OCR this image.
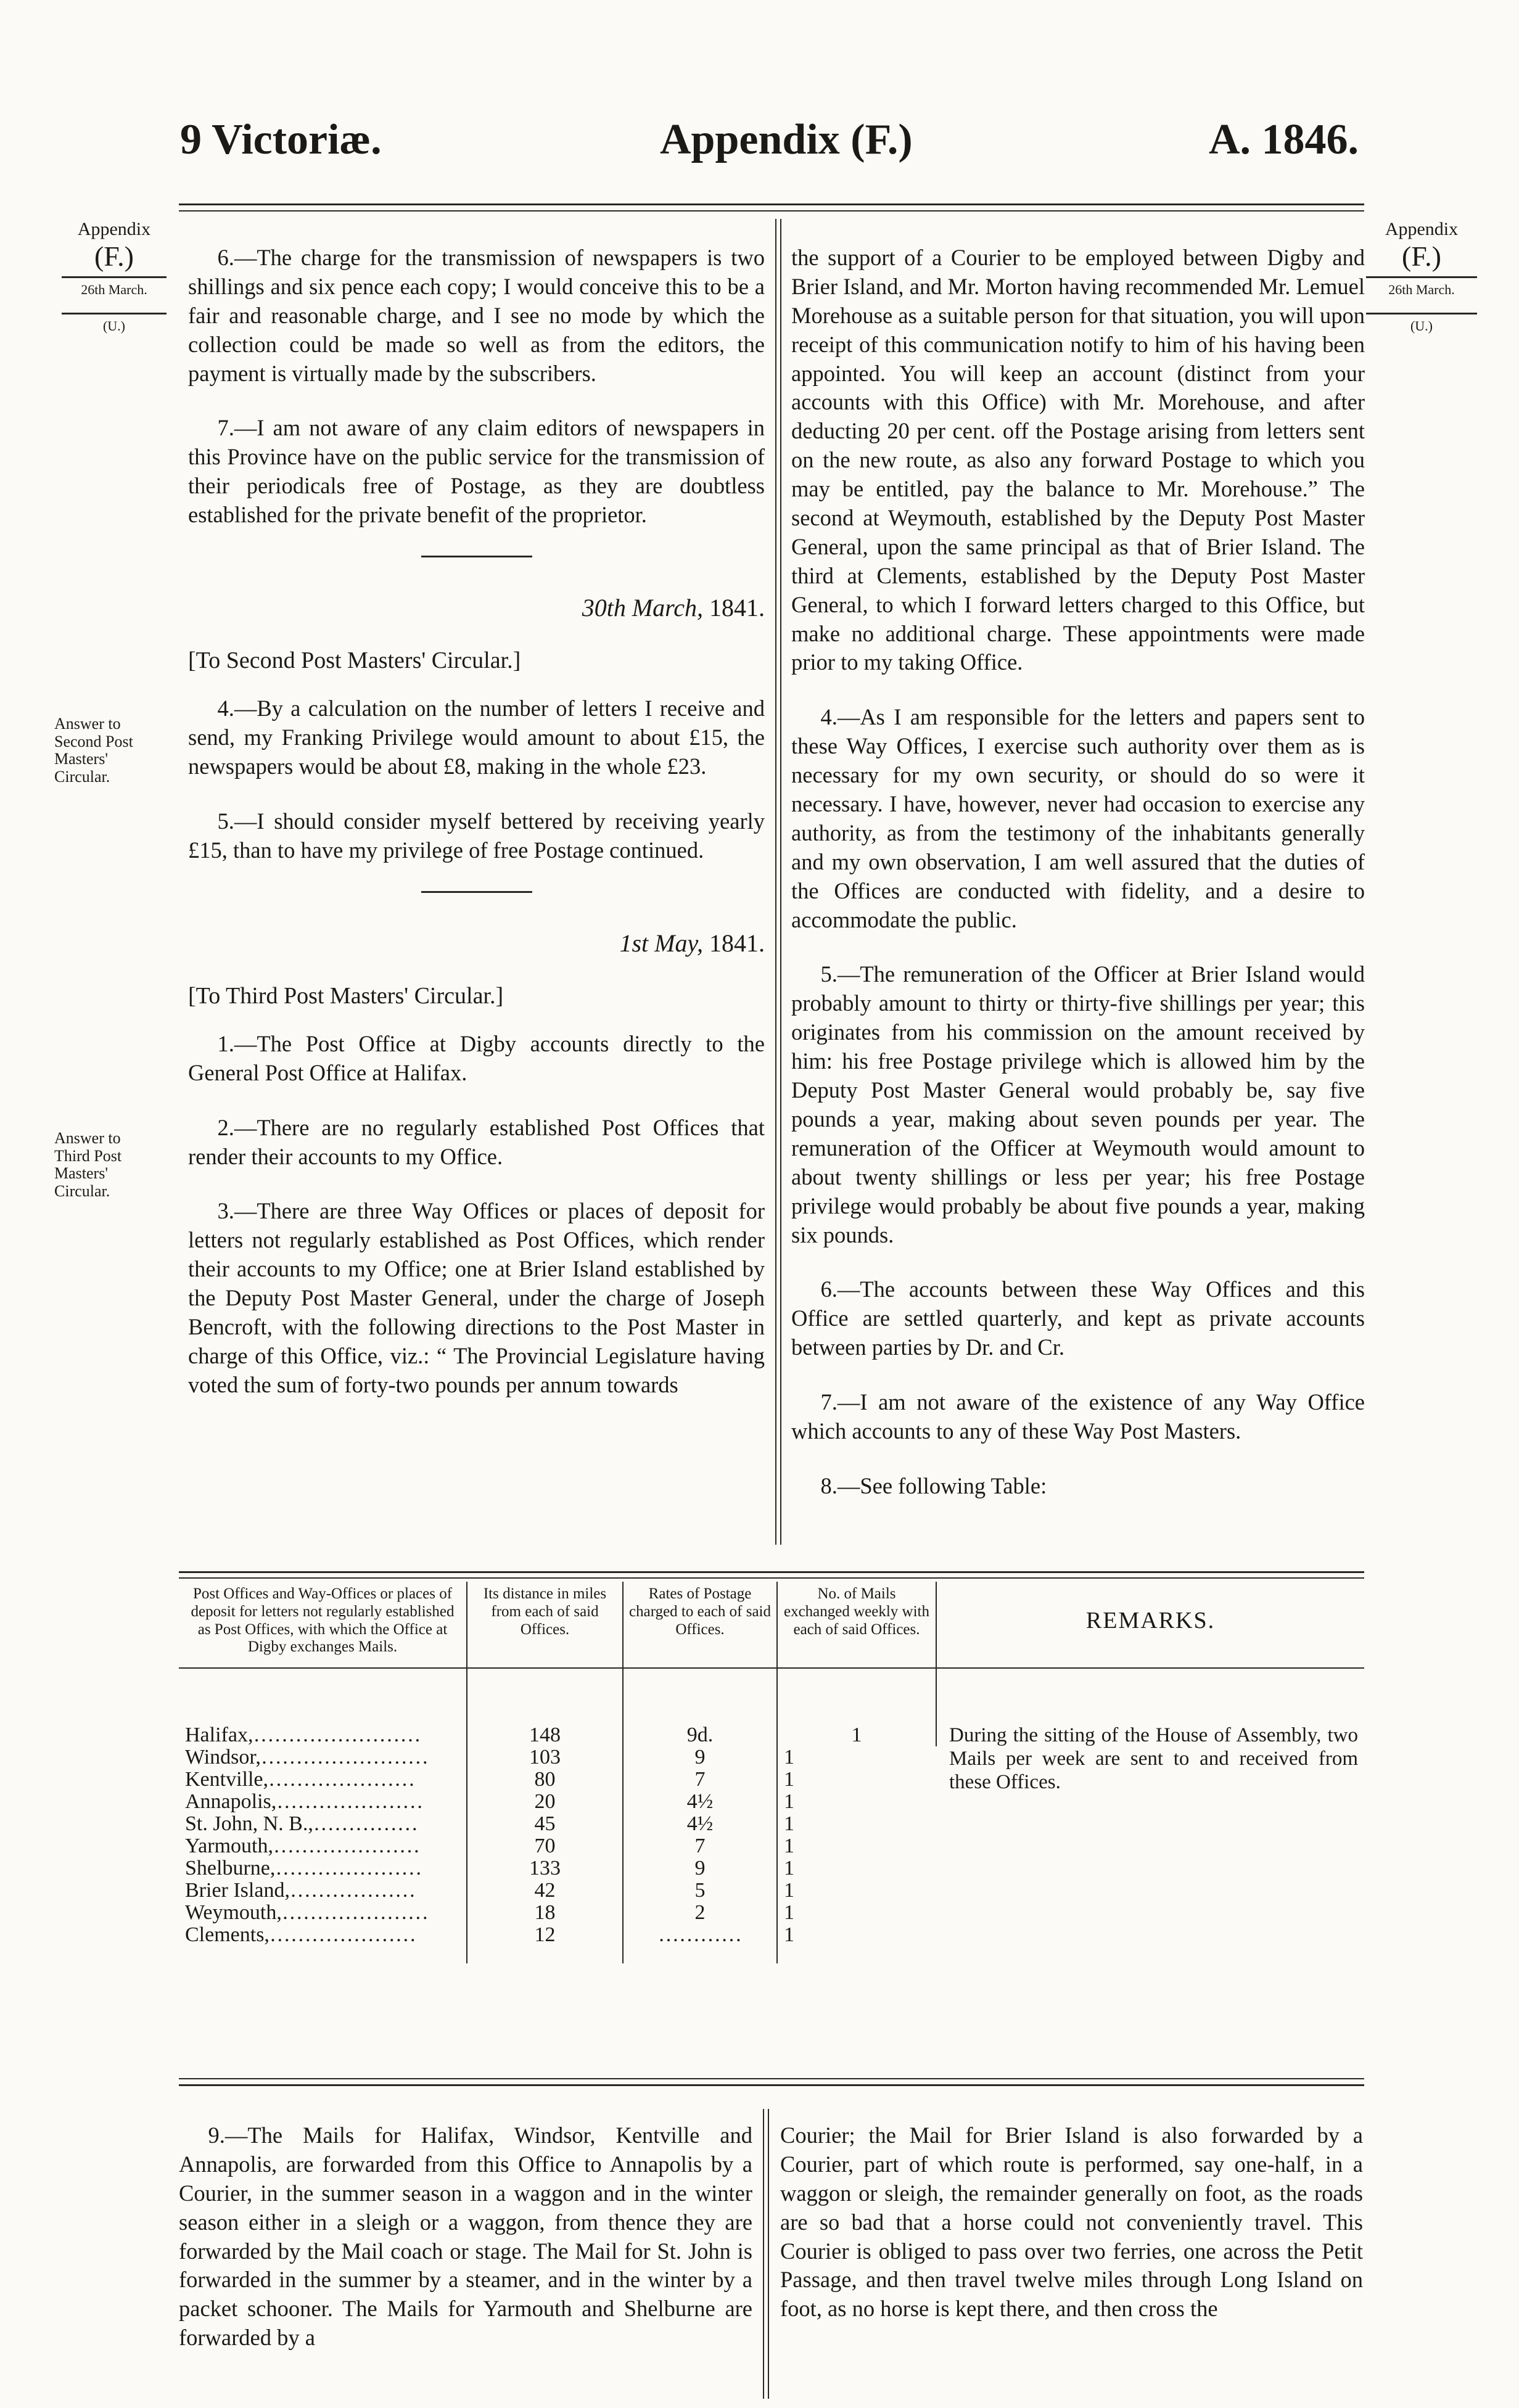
9 Victoriæ.	Appendix (F.)	A. 1846.
Appendix
(F.)
26th March.
(U.)
Appendix
(F.)
26th March.
(U.)
Answer to Second Post Masters' Circular.
Answer to Third Post Masters' Circular.

6.—The charge for the transmission of newspapers is two shillings and six pence each copy; I would conceive this to be a fair and reasonable charge, and I see no mode by which the collection could be made so well as from the editors, the payment is virtually made by the subscribers.

7.—I am not aware of any claim editors of newspapers in this Province have on the public service for the transmission of their periodicals free of Postage, as they are doubtless established for the private benefit of the proprietor.

30th March, 1841.

[To Second Post Masters' Circular.]

4.—By a calculation on the number of letters I receive and send, my Franking Privilege would amount to about £15, the newspapers would be about £8, making in the whole £23.

5.—I should consider myself bettered by receiving yearly £15, than to have my privilege of free Postage continued.

1st May, 1841.

[To Third Post Masters' Circular.]

1.—The Post Office at Digby accounts directly to the General Post Office at Halifax.

2.—There are no regularly established Post Offices that render their accounts to my Office.

3.—There are three Way Offices or places of deposit for letters not regularly established as Post Offices, which render their accounts to my Office; one at Brier Island established by the Deputy Post Master General, under the charge of Joseph Bencroft, with the following directions to the Post Master in charge of this Office, viz.: “ The Provincial Legislature having voted the sum of forty-two pounds per annum towards

the support of a Courier to be employed between Digby and Brier Island, and Mr. Morton having recommended Mr. Lemuel Morehouse as a suitable person for that situation, you will upon receipt of this communication notify to him of his having been appointed. You will keep an account (distinct from your accounts with this Office) with Mr. Morehouse, and after deducting 20 per cent. off the Postage arising from letters sent on the new route, as also any forward Postage to which you may be entitled, pay the balance to Mr. Morehouse.” The second at Weymouth, established by the Deputy Post Master General, upon the same principal as that of Brier Island. The third at Clements, established by the Deputy Post Master General, to which I forward letters charged to this Office, but make no additional charge. These appointments were made prior to my taking Office.

4.—As I am responsible for the letters and papers sent to these Way Offices, I exercise such authority over them as is necessary for my own security, or should do so were it necessary. I have, however, never had occasion to exercise any authority, as from the testimony of the inhabitants generally and my own observation, I am well assured that the duties of the Offices are conducted with fidelity, and a desire to accommodate the public.

5.—The remuneration of the Officer at Brier Island would probably amount to thirty or thirty-five shillings per year; this originates from his commission on the amount received by him: his free Postage privilege which is allowed him by the Deputy Post Master General would probably be, say five pounds a year, making about seven pounds per year. The remuneration of the Officer at Weymouth would amount to about twenty shillings or less per year; his free Postage privilege would probably be about five pounds a year, making six pounds.

6.—The accounts between these Way Offices and this Office are settled quarterly, and kept as private accounts between parties by Dr. and Cr.

7.—I am not aware of the existence of any Way Office which accounts to any of these Way Post Masters.

8.—See following Table:

Post Offices and Way-Offices or places of deposit for letters not regularly established as Post Offices, with which the Office at Digby exchanges Mails.	Its distance in miles from each of said Offices.	Rates of Postage charged to each of said Offices.	No. of Mails exchanged weekly with each of said Offices.	REMARKS.
Halifax,……………………	148	9d.	1	During the sitting of the House of Assembly, two Mails per week are sent to and received from these Offices.

Windsor,……………………	103	9	1	
Kentville,…………………	80	7	1	
Annapolis,…………………	20	4½	1	
St. John, N. B.,……………	45	4½	1	
Yarmouth,…………………	70	7	1	
Shelburne,…………………	133	9	1	
Brier Island,………………	42	5	1	
Weymouth,…………………	18	2	1	
Clements,…………………	12	…………	1	

9.—The Mails for Halifax, Windsor, Kentville and Annapolis, are forwarded from this Office to Annapolis by a Courier, in the summer season in a waggon and in the winter season either in a sleigh or a waggon, from thence they are forwarded by the Mail coach or stage. The Mail for St. John is forwarded in the summer by a steamer, and in the winter by a packet schooner. The Mails for Yarmouth and Shelburne are forwarded by a

Courier; the Mail for Brier Island is also forwarded by a Courier, part of which route is performed, say one-half, in a waggon or sleigh, the remainder generally on foot, as the roads are so bad that a horse could not conveniently travel. This Courier is obliged to pass over two ferries, one across the Petit Passage, and then travel twelve miles through Long Island on foot, as no horse is kept there, and then cross the
